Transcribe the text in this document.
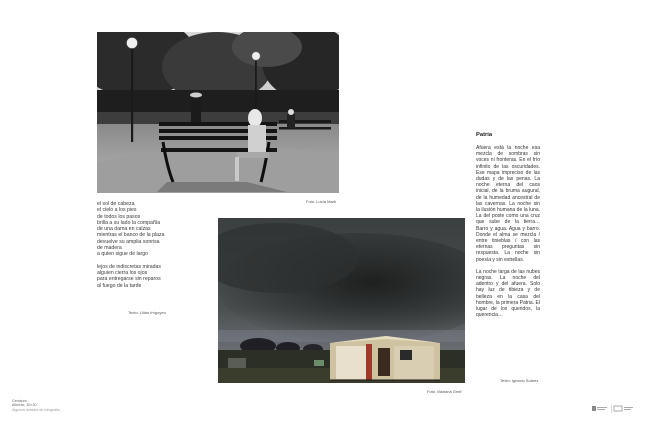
Foto: Lucía Martí
el sol de cabeza
el cielo a los pies
de todos los pasos
brilla a su lado la compañía
de una dama en calzas
mientras el banco de la plaza
devuelve su amplia sonrisa
de madera
a quien sigue de largo
lejos de indiscretas miradas
alguien cierra los ojos
para entregarse sin reparos
al fuego de la tarde
Texto: Lilián Irrigoyen
Foto: Mariana Greif
Patria

Afuera está la noche esa mezcla de sombras sin voces ni fronteras. En el frío infinito de las oscuridades. Ese mapa impreciso de las dudas y de las penas. La noche eterna del caos inicial, de la bruma augural, de la humedad ancestral de las cavernas. La noche sin la ilusión humana de la luna. La del poste como una cruz que sube de la tierra… Barro y agua. Agua y barro. Donde el alma se mezcla / entre tinieblas / con las eternas preguntas sin respuesta. La noche sin poesía y sin estrellas.

La noche larga de las nubes negras. La noche del adentro y del afuera. Solo hay luz de tibieza y de belleza en la casa del hombre, la primera Patria. El lugar de los queridos, la querencia…

Texto: Ignacio Suárez
Centauro
Alterrax, 30×30
Algunos detalles de fotografía
